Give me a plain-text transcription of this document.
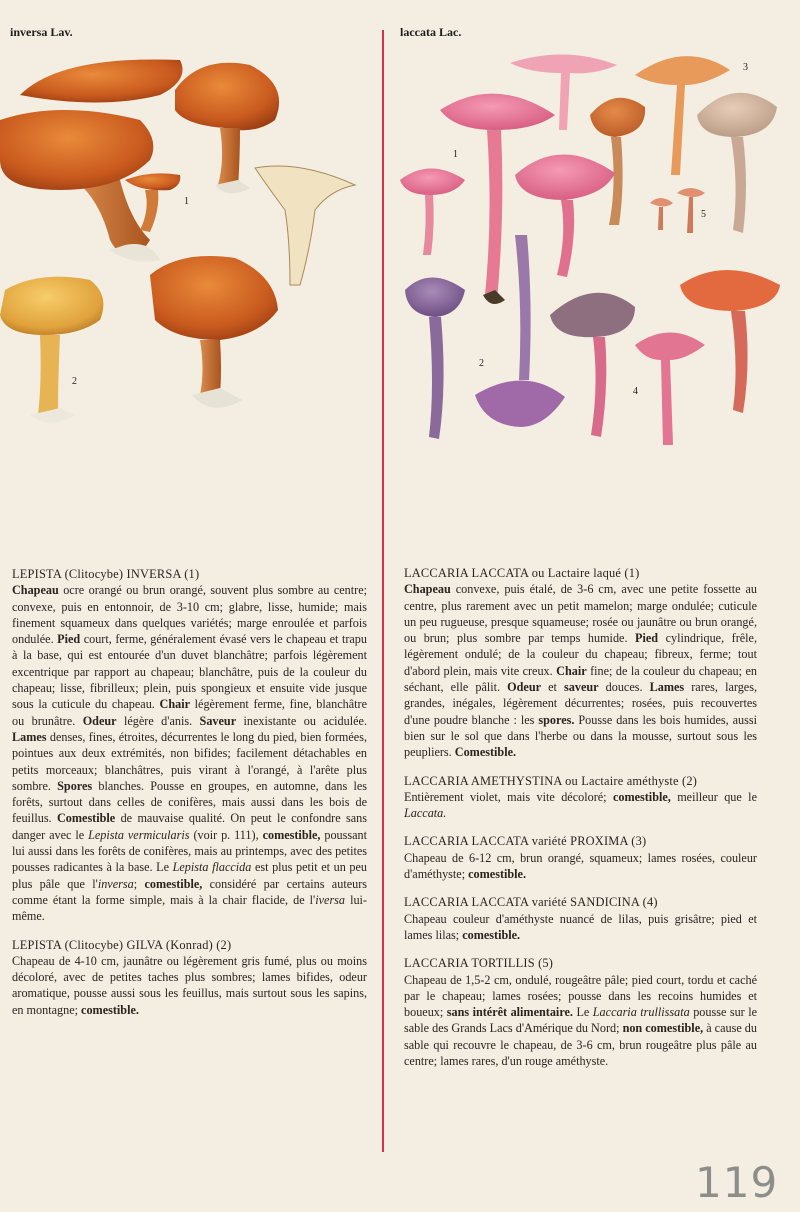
inversa Lav.	laccata Lac.
1
2
1
3
5
2
4
LEPISTA (Clitocybe) INVERSA (1)

Chapeau ocre orangé ou brun orangé, souvent plus sombre au centre; convexe, puis en entonnoir, de 3-10 cm; glabre, lisse, humide; mais finement squameux dans quelques variétés; marge enroulée et parfois ondulée. Pied court, ferme, généralement évasé vers le chapeau et trapu à la base, qui est entourée d'un duvet blanchâtre; parfois légèrement excentrique par rapport au chapeau; blanchâtre, puis de la couleur du chapeau; lisse, fibrilleux; plein, puis spongieux et ensuite vide jusque sous la cuticule du chapeau. Chair légèrement ferme, fine, blanchâtre ou brunâtre. Odeur légère d'anis. Saveur inexistante ou acidulée. Lames denses, fines, étroites, décurrentes le long du pied, bien formées, pointues aux deux extrémités, non bifides; facilement détachables en petits morceaux; blanchâtres, puis virant à l'orangé, à l'arête plus sombre. Spores blanches. Pousse en groupes, en automne, dans les forêts, surtout dans celles de conifères, mais aussi dans les bois de feuillus. Comestible de mauvaise qualité. On peut le confondre sans danger avec le Lepista vermicularis (voir p. 111), comestible, poussant lui aussi dans les forêts de conifères, mais au printemps, avec des petites pousses radicantes à la base. Le Lepista flaccida est plus petit et un peu plus pâle que l'inversa; comestible, considéré par certains auteurs comme étant la forme simple, mais à la chair flacide, de l'iversa lui-même.

LEPISTA (Clitocybe) GILVA (Konrad) (2)

Chapeau de 4-10 cm, jaunâtre ou légèrement gris fumé, plus ou moins décoloré, avec de petites taches plus sombres; lames bifides, odeur aromatique, pousse aussi sous les feuillus, mais surtout sous les sapins, en montagne; comestible.

LACCARIA LACCATA ou Lactaire laqué (1)

Chapeau convexe, puis étalé, de 3-6 cm, avec une petite fossette au centre, plus rarement avec un petit mamelon; marge ondulée; cuticule un peu rugueuse, presque squameuse; rosée ou jaunâtre ou brun orangé, ou brun; plus sombre par temps humide. Pied cylindrique, frêle, légèrement ondulé; de la couleur du chapeau; fibreux, ferme; tout d'abord plein, mais vite creux. Chair fine; de la couleur du chapeau; en séchant, elle pâlit. Odeur et saveur douces. Lames rares, larges, grandes, inégales, légèrement décurrentes; rosées, puis recouvertes d'une poudre blanche : les spores. Pousse dans les bois humides, aussi bien sur le sol que dans l'herbe ou dans la mousse, surtout sous les peupliers. Comestible.

LACCARIA AMETHYSTINA ou Lactaire améthyste (2)

Entièrement violet, mais vite décoloré; comestible, meilleur que le Laccata.

LACCARIA LACCATA variété PROXIMA (3)

Chapeau de 6-12 cm, brun orangé, squameux; lames rosées, couleur d'améthyste; comestible.

LACCARIA LACCATA variété SANDICINA (4)

Chapeau couleur d'améthyste nuancé de lilas, puis grisâtre; pied et lames lilas; comestible.

LACCARIA TORTILLIS (5)

Chapeau de 1,5-2 cm, ondulé, rougeâtre pâle; pied court, tordu et caché par le chapeau; lames rosées; pousse dans les recoins humides et boueux; sans intérêt alimentaire. Le Laccaria trullissata pousse sur le sable des Grands Lacs d'Amérique du Nord; non comestible, à cause du sable qui recouvre le chapeau, de 3-6 cm, brun rougeâtre plus pâle au centre; lames rares, d'un rouge améthyste.

119
